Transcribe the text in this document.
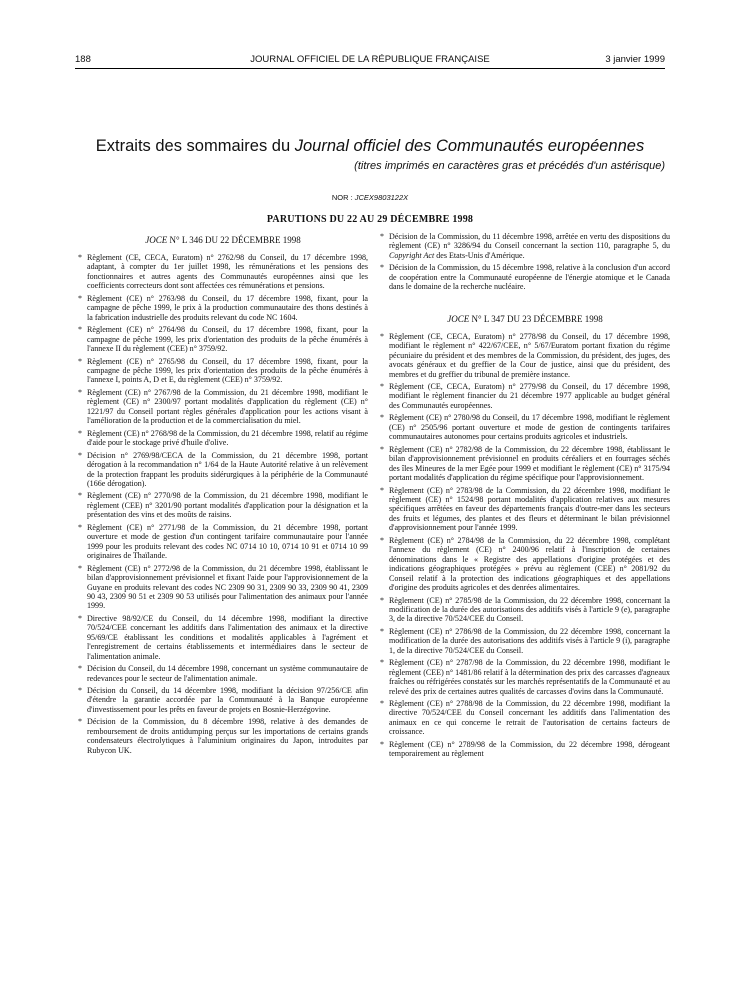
188	JOURNAL OFFICIEL DE LA RÉPUBLIQUE FRANÇAISE	3 janvier 1999
Extraits des sommaires du Journal officiel des Communautés européennes
(titres imprimés en caractères gras et précédés d'un astérisque)
NOR : JCEX9803122X
PARUTIONS DU 22 AU 29 DÉCEMBRE 1998
JOCE N° L 346 DU 22 DÉCEMBRE 1998
* Règlement (CE, CECA, Euratom) n° 2762/98 du Conseil, du 17 décembre 1998, adaptant, à compter du 1er juillet 1998, les rémunérations et les pensions des fonctionnaires et autres agents des Communautés européennes ainsi que les coefficients correcteurs dont sont affectées ces rémunérations et pensions.
* Règlement (CE) n° 2763/98 du Conseil, du 17 décembre 1998, fixant, pour la campagne de pêche 1999, le prix à la production communautaire des thons destinés à la fabrication industrielle des produits relevant du code NC 1604.
* Règlement (CE) n° 2764/98 du Conseil, du 17 décembre 1998, fixant, pour la campagne de pêche 1999, les prix d'orientation des produits de la pêche énumérés à l'annexe II du règlement (CEE) n° 3759/92.
* Règlement (CE) n° 2765/98 du Conseil, du 17 décembre 1998, fixant, pour la campagne de pêche 1999, les prix d'orientation des produits de la pêche énumérés à l'annexe I, points A, D et E, du règlement (CEE) n° 3759/92.
* Règlement (CE) n° 2767/98 de la Commission, du 21 décembre 1998, modifiant le règlement (CE) n° 2300/97 portant modalités d'application du règlement (CE) n° 1221/97 du Conseil portant règles générales d'application pour les actions visant à l'amélioration de la production et de la commercialisation du miel.
* Règlement (CE) n° 2768/98 de la Commission, du 21 décembre 1998, relatif au régime d'aide pour le stockage privé d'huile d'olive.
* Décision n° 2769/98/CECA de la Commission, du 21 décembre 1998, portant dérogation à la recommandation n° 1/64 de la Haute Autorité relative à un relèvement de la protection frappant les produits sidérurgiques à la périphérie de la Communauté (166e dérogation).
* Règlement (CE) n° 2770/98 de la Commission, du 21 décembre 1998, modifiant le règlement (CEE) n° 3201/90 portant modalités d'application pour la désignation et la présentation des vins et des moûts de raisins.
* Règlement (CE) n° 2771/98 de la Commission, du 21 décembre 1998, portant ouverture et mode de gestion d'un contingent tarifaire communautaire pour l'année 1999 pour les produits relevant des codes NC 0714 10 10, 0714 10 91 et 0714 10 99 originaires de Thaïlande.
* Règlement (CE) n° 2772/98 de la Commission, du 21 décembre 1998, établissant le bilan d'approvisionnement prévisionnel et fixant l'aide pour l'approvisionnement de la Guyane en produits relevant des codes NC 2309 90 31, 2309 90 33, 2309 90 41, 2309 90 43, 2309 90 51 et 2309 90 53 utilisés pour l'alimentation des animaux pour l'année 1999.
* Directive 98/92/CE du Conseil, du 14 décembre 1998, modifiant la directive 70/524/CEE concernant les additifs dans l'alimentation des animaux et la directive 95/69/CE établissant les conditions et modalités applicables à l'agrément et l'enregistrement de certains établissements et intermédiaires dans le secteur de l'alimentation animale.
* Décision du Conseil, du 14 décembre 1998, concernant un système communautaire de redevances pour le secteur de l'alimentation animale.
* Décision du Conseil, du 14 décembre 1998, modifiant la décision 97/256/CE afin d'étendre la garantie accordée par la Communauté à la Banque européenne d'investissement pour les prêts en faveur de projets en Bosnie-Herzégovine.
* Décision de la Commission, du 8 décembre 1998, relative à des demandes de remboursement de droits antidumping perçus sur les importations de certains grands condensateurs électrolytiques à l'aluminium originaires du Japon, introduites par Rubycon UK.
* Décision de la Commission, du 11 décembre 1998, arrêtée en vertu des dispositions du règlement (CE) n° 3286/94 du Conseil concernant la section 110, paragraphe 5, du Copyright Act des Etats-Unis d'Amérique.
* Décision de la Commission, du 15 décembre 1998, relative à la conclusion d'un accord de coopération entre la Communauté européenne de l'énergie atomique et le Canada dans le domaine de la recherche nucléaire.
JOCE N° L 347 DU 23 DÉCEMBRE 1998
* Règlement (CE, CECA, Euratom) n° 2778/98 du Conseil, du 17 décembre 1998, modifiant le règlement n° 422/67/CEE, n° 5/67/Euratom portant fixation du régime pécuniaire du président et des membres de la Commission, du président, des juges, des avocats généraux et du greffier de la Cour de justice, ainsi que du président, des membres et du greffier du tribunal de première instance.
* Règlement (CE, CECA, Euratom) n° 2779/98 du Conseil, du 17 décembre 1998, modifiant le règlement financier du 21 décembre 1977 applicable au budget général des Communautés européennes.
* Règlement (CE) n° 2780/98 du Conseil, du 17 décembre 1998, modifiant le règlement (CE) n° 2505/96 portant ouverture et mode de gestion de contingents tarifaires communautaires autonomes pour certains produits agricoles et industriels.
* Règlement (CE) n° 2782/98 de la Commission, du 22 décembre 1998, établissant le bilan d'approvisionnement prévisionnel en produits céréaliers et en fourrages séchés des îles Mineures de la mer Egée pour 1999 et modifiant le règlement (CE) n° 3175/94 portant modalités d'application du régime spécifique pour l'approvisionnement.
* Règlement (CE) n° 2783/98 de la Commission, du 22 décembre 1998, modifiant le règlement (CE) n° 1524/98 portant modalités d'application relatives aux mesures spécifiques arrêtées en faveur des départements français d'outre-mer dans les secteurs des fruits et légumes, des plantes et des fleurs et déterminant le bilan prévisionnel d'approvisionnement pour l'année 1999.
* Règlement (CE) n° 2784/98 de la Commission, du 22 décembre 1998, complétant l'annexe du règlement (CE) n° 2400/96 relatif à l'inscription de certaines dénominations dans le « Registre des appellations d'origine protégées et des indications géographiques protégées » prévu au règlement (CEE) n° 2081/92 du Conseil relatif à la protection des indications géographiques et des appellations d'origine des produits agricoles et des denrées alimentaires.
* Règlement (CE) n° 2785/98 de la Commission, du 22 décembre 1998, concernant la modification de la durée des autorisations des additifs visés à l'article 9 (e), paragraphe 3, de la directive 70/524/CEE du Conseil.
* Règlement (CE) n° 2786/98 de la Commission, du 22 décembre 1998, concernant la modification de la durée des autorisations des additifs visés à l'article 9 (i), paragraphe 1, de la directive 70/524/CEE du Conseil.
* Règlement (CE) n° 2787/98 de la Commission, du 22 décembre 1998, modifiant le règlement (CEE) n° 1481/86 relatif à la détermination des prix des carcasses d'agneaux fraîches ou réfrigérées constatés sur les marchés représentatifs de la Communauté et au relevé des prix de certaines autres qualités de carcasses d'ovins dans la Communauté.
* Règlement (CE) n° 2788/98 de la Commission, du 22 décembre 1998, modifiant la directive 70/524/CEE du Conseil concernant les additifs dans l'alimentation des animaux en ce qui concerne le retrait de l'autorisation de certains facteurs de croissance.
* Règlement (CE) n° 2789/98 de la Commission, du 22 décembre 1998, dérogeant temporairement au règlement
